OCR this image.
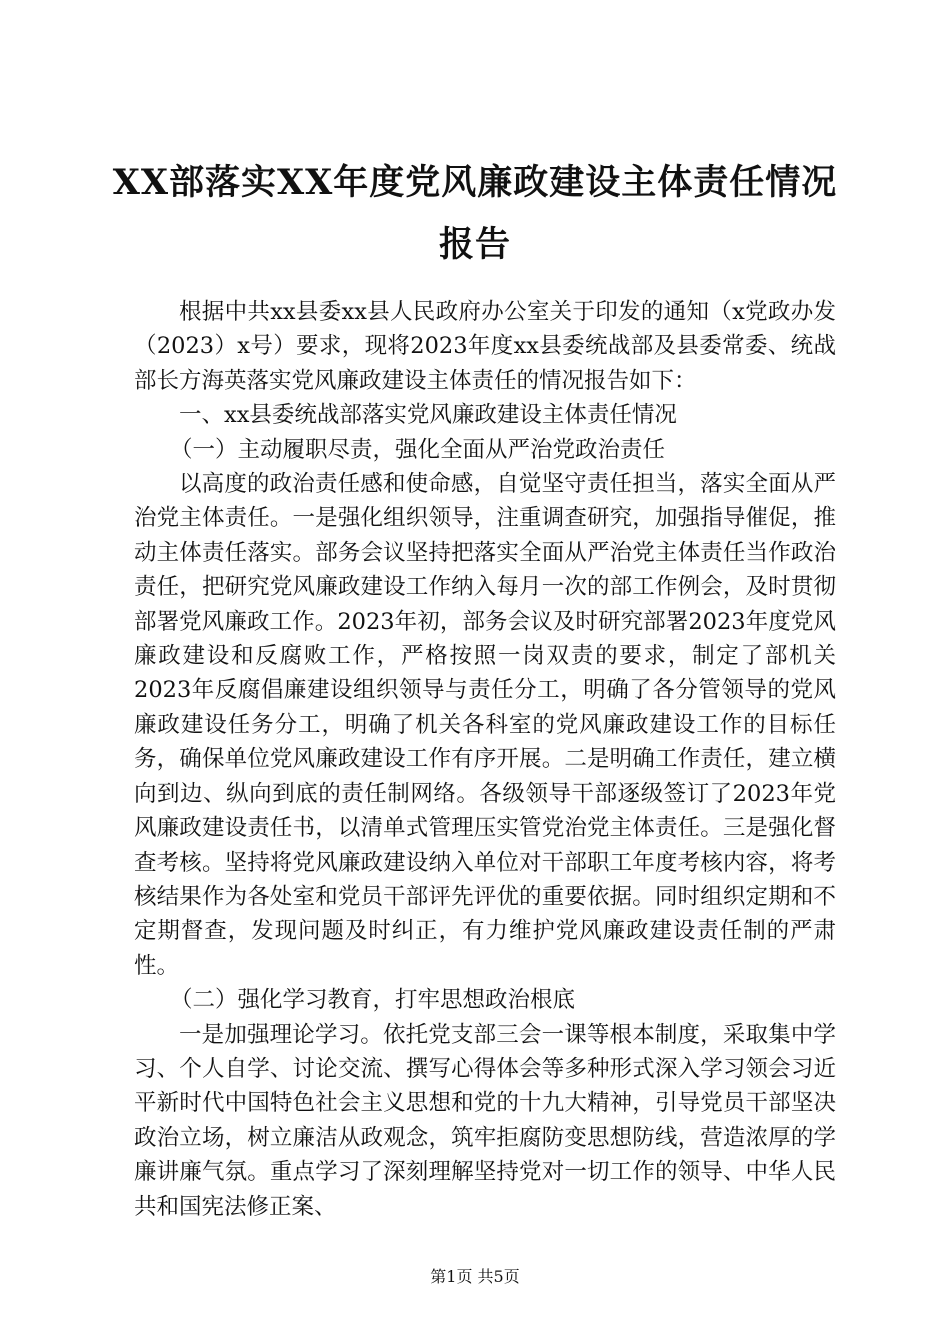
XX部落实XX年度党风廉政建设主体责任情况
报告

根据中共xx县委xx县人民政府办公室关于印发的通知（x党政办发（2023）x号）要求，现将2023年度xx县委统战部及县委常委、统战部长方海英落实党风廉政建设主体责任的情况报告如下：

一、xx县委统战部落实党风廉政建设主体责任情况

（一）主动履职尽责，强化全面从严治党政治责任

以高度的政治责任感和使命感，自觉坚守责任担当，落实全面从严治党主体责任。一是强化组织领导，注重调查研究，加强指导催促，推动主体责任落实。部务会议坚持把落实全面从严治党主体责任当作政治责任，把研究党风廉政建设工作纳入每月一次的部工作例会，及时贯彻部署党风廉政工作。2023年初，部务会议及时研究部署2023年度党风廉政建设和反腐败工作，严格按照一岗双责的要求，制定了部机关2023年反腐倡廉建设组织领导与责任分工，明确了各分管领导的党风廉政建设任务分工，明确了机关各科室的党风廉政建设工作的目标任务，确保单位党风廉政建设工作有序开展。二是明确工作责任，建立横向到边、纵向到底的责任制网络。各级领导干部逐级签订了2023年党风廉政建设责任书，以清单式管理压实管党治党主体责任。三是强化督查考核。坚持将党风廉政建设纳入单位对干部职工年度考核内容，将考核结果作为各处室和党员干部评先评优的重要依据。同时组织定期和不定期督查，发现问题及时纠正，有力维护党风廉政建设责任制的严肃性。

（二）强化学习教育，打牢思想政治根底

一是加强理论学习。依托党支部三会一课等根本制度，采取集中学习、个人自学、讨论交流、撰写心得体会等多种形式深入学习领会习近平新时代中国特色社会主义思想和党的十九大精神，引导党员干部坚决政治立场，树立廉洁从政观念，筑牢拒腐防变思想防线，营造浓厚的学廉讲廉气氛。重点学习了深刻理解坚持党对一切工作的领导、中华人民共和国宪法修正案、

第1页 共5页
